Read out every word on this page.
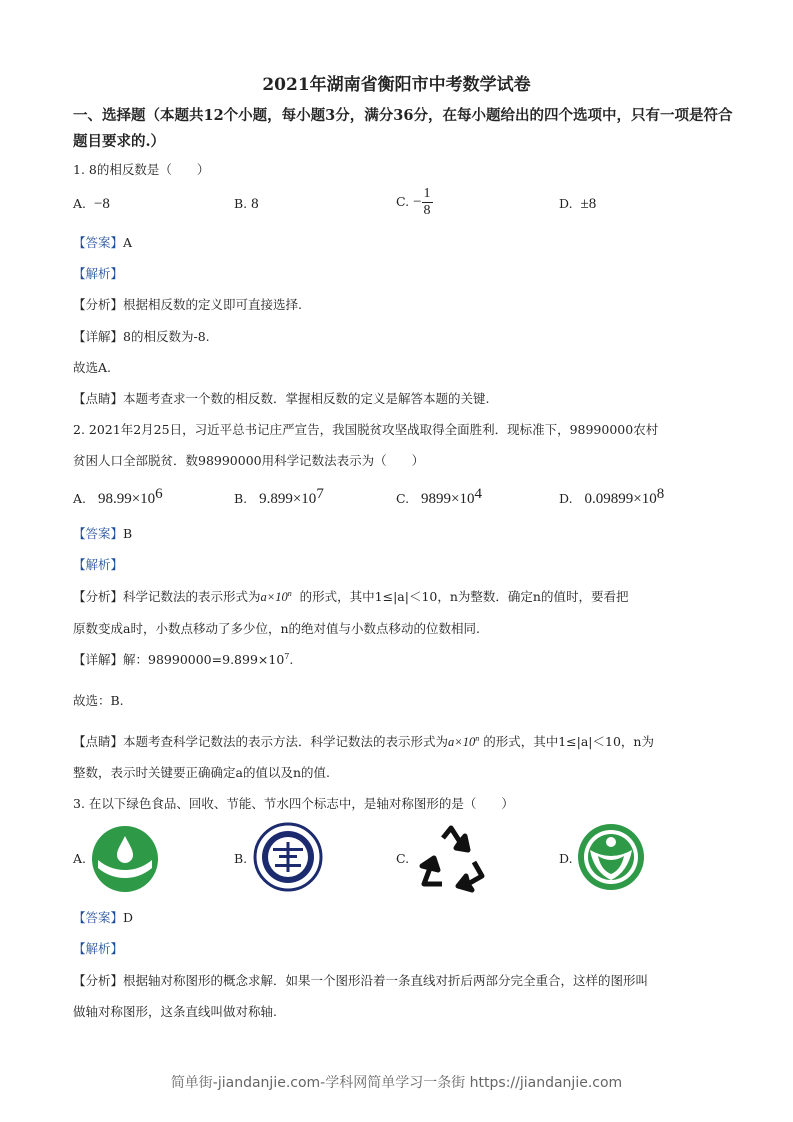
2021年湖南省衡阳市中考数学试卷
一、选择题（本题共12个小题，每小题3分，满分36分，在每小题给出的四个选项中，只有一项是符合题目要求的.）
1. 8的相反数是（　　）
A. −8	B. 8	C. − $\frac{1}{8}$	D. ±8
【答案】A
【解析】
【分析】根据相反数的定义即可直接选择.
【详解】8的相反数为-8.
故选A.
【点睛】本题考查求一个数的相反数．掌握相反数的定义是解答本题的关键.
2. 2021年2月25日，习近平总书记庄严宣告，我国脱贫攻坚战取得全面胜利．现标准下，98990000农村
贫困人口全部脱贫．数98990000用科学记数法表示为（　　）
A. $98.99\times 10^6$	B. $9.899\times 10^7$	C. $9899\times 10^4$	D. $0.09899\times 10^8$
【答案】B
【解析】
【分析】科学记数法的表示形式为$a\times 10^n$ 的形式，其中1≤|a|＜10，n为整数．确定n的值时，要看把
原数变成a时，小数点移动了多少位，n的绝对值与小数点移动的位数相同.
【详解】解：$98990000=9.899\times 10^7$.
故选：B.
【点睛】本题考查科学记数法的表示方法．科学记数法的表示形式为$a\times 10^n$ 的形式，其中1≤|a|＜10，n为
整数，表示时关键要正确确定a的值以及n的值.
3. 在以下绿色食品、回收、节能、节水四个标志中，是轴对称图形的是（　　）
A.	B.	C.	D.
【答案】D
【解析】
【分析】根据轴对称图形的概念求解．如果一个图形沿着一条直线对折后两部分完全重合，这样的图形叫
做轴对称图形，这条直线叫做对称轴.
简单街-jiandanjie.com-学科网简单学习一条街 https://jiandanjie.com
